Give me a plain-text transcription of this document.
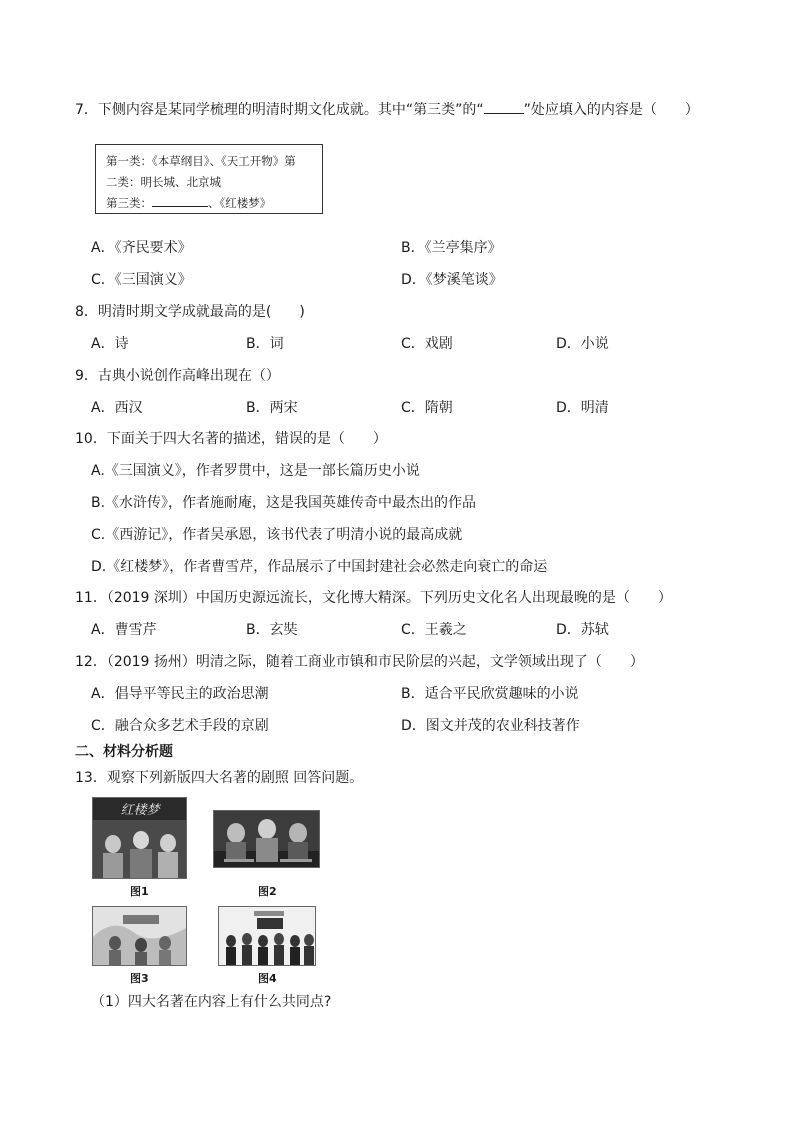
7．下侧内容是某同学梳理的明清时期文化成就。其中“第三类”的“	”处应填入的内容是（　　）
第一类：《本草纲目》、《天工开物》第
二类：明长城、北京城
第三类：	、《红楼梦》
A．《齐民要术》	B．《兰亭集序》
C．《三国演义》	D．《梦溪笔谈》
8．明清时期文学成就最高的是(　　)
A．诗	B．词	C．戏剧	D．小说
9．古典小说创作高峰出现在（）
A．西汉	B．两宋	C．隋朝	D．明清
10．下面关于四大名著的描述，错误的是（　　）
A.《三国演义》，作者罗贯中，这是一部长篇历史小说
B.《水浒传》，作者施耐庵，这是我国英雄传奇中最杰出的作品
C.《西游记》，作者吴承恩，该书代表了明清小说的最高成就
D.《红楼梦》，作者曹雪芹，作品展示了中国封建社会必然走向衰亡的命运
11．（2019 深圳）中国历史源远流长，文化博大精深。下列历史文化名人出现最晚的是（　　）
A．曹雪芹	B．玄奘	C．王羲之	D．苏轼
12．（2019 扬州）明清之际，随着工商业市镇和市民阶层的兴起，文学领域出现了（　　）
A．倡导平等民主的政治思潮	B．适合平民欣赏趣味的小说
C．融合众多艺术手段的京剧	D．图文并茂的农业科技著作
二、材料分析题
13．观察下列新版四大名著的剧照 回答问题。
红楼梦
图1	图2
图3	图4
（1）四大名著在内容上有什么共同点?
